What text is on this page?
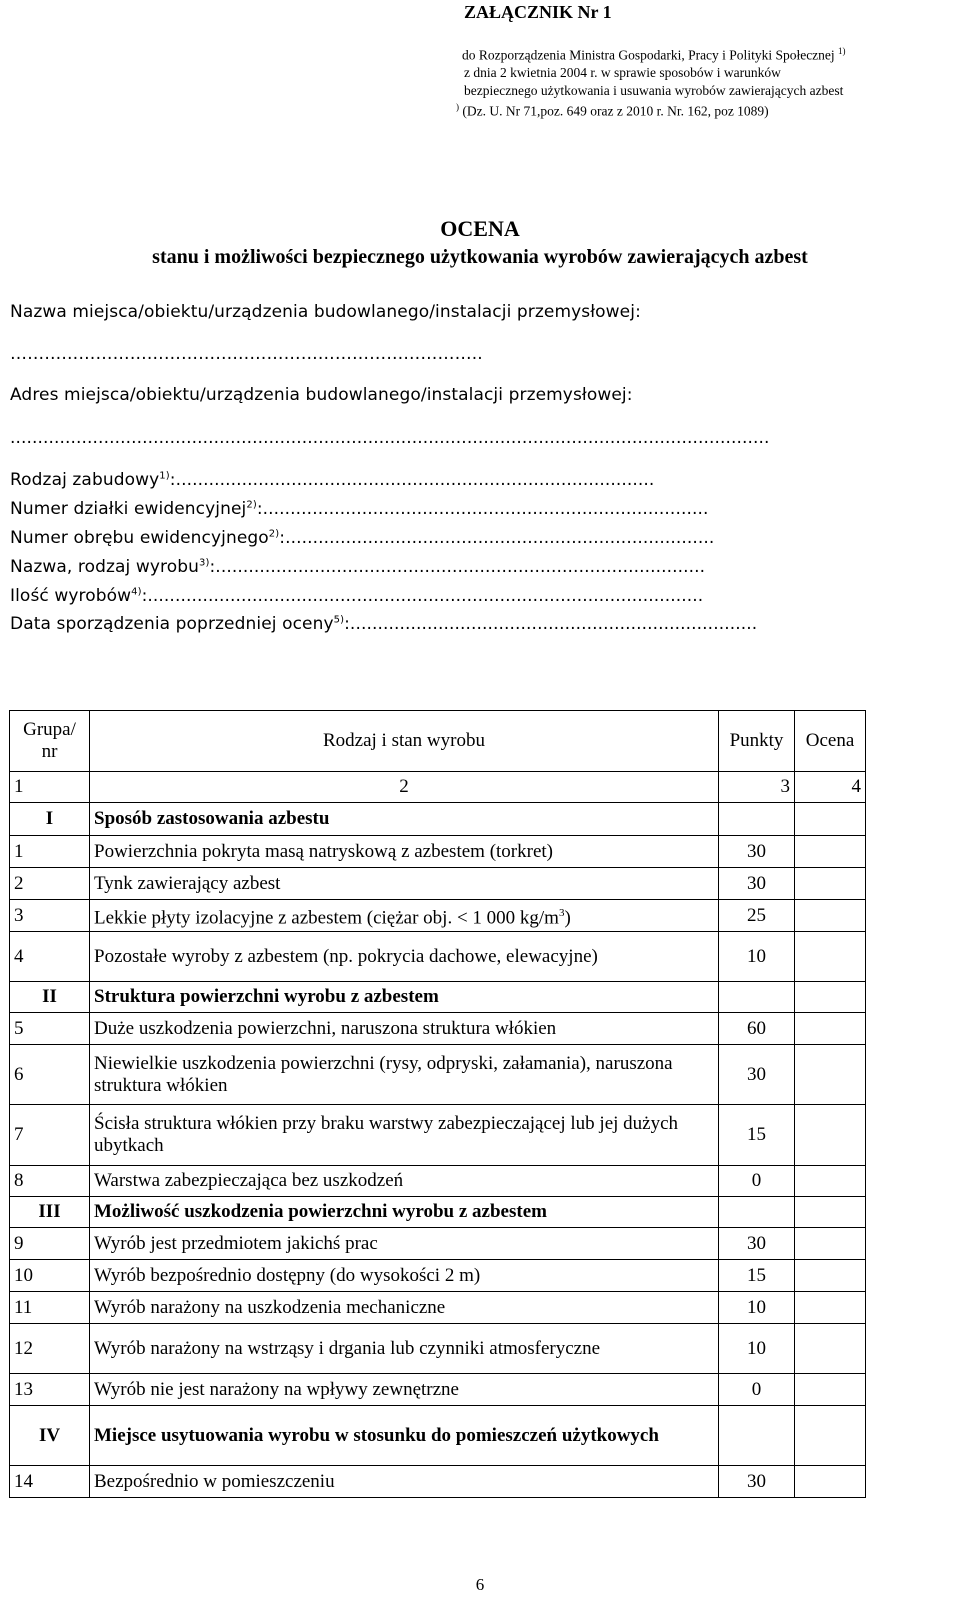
ZAŁĄCZNIK Nr 1
do Rozporządzenia Ministra Gospodarki, Pracy i Polityki Społecznej $^{1)}$
z dnia 2 kwietnia 2004 r. w sprawie sposobów i warunków
bezpiecznego użytkowania i usuwania wyrobów zawierających azbest
) (Dz. U. Nr 71,poz. 649 oraz z 2010 r. Nr. 162, poz 1089)
OCENA
stanu i możliwości bezpiecznego użytkowania wyrobów zawierających azbest
Nazwa miejsca/obiektu/urządzenia budowlanego/instalacji przemysłowej:
………………………………………………………………………..
Adres miejsca/obiektu/urządzenia budowlanego/instalacji przemysłowej:
..........................................................................................................................................
Rodzaj zabudowy$^{1)}$:.......................................................................................
Numer działki ewidencyjnej$^{2)}$:.................................................................................
Numer obrębu ewidencyjnego$^{2)}$:..............................................................................
Nazwa, rodzaj wyrobu$^{3)}$:.........................................................................................
Ilość wyrobów$^{4)}$:.....................................................................................................
Data sporządzenia poprzedniej oceny$^{5)}$:..........................................................................
Grupa/ nr	Rodzaj i stan wyrobu	Punkty	Ocena
1	2	3	4
I	Sposób zastosowania azbestu		
1	Powierzchnia pokryta masą natryskową z azbestem (torkret)	30	
2	Tynk zawierający azbest	30	
3	Lekkie płyty izolacyjne z azbestem (ciężar obj. < 1 000 $kg/m^3$)	25	
4	Pozostałe wyroby z azbestem (np. pokrycia dachowe, elewacyjne)	10	
II	Struktura powierzchni wyrobu z azbestem		
5	Duże uszkodzenia powierzchni, naruszona struktura włókien	60	
6	Niewielkie uszkodzenia powierzchni (rysy, odpryski, załamania), naruszona struktura włókien	30	
7	Ścisła struktura włókien przy braku warstwy zabezpieczającej lub jej dużych ubytkach	15	
8	Warstwa zabezpieczająca bez uszkodzeń	0	
III	Możliwość uszkodzenia powierzchni wyrobu z azbestem		
9	Wyrób jest przedmiotem jakichś prac	30	
10	Wyrób bezpośrednio dostępny (do wysokości 2 m)	15	
11	Wyrób narażony na uszkodzenia mechaniczne	10	
12	Wyrób narażony na wstrząsy i drgania lub czynniki atmosferyczne	10	
13	Wyrób nie jest narażony na wpływy zewnętrzne	0	
IV	Miejsce usytuowania wyrobu w stosunku do pomieszczeń użytkowych		
14	Bezpośrednio w pomieszczeniu	30	
6
